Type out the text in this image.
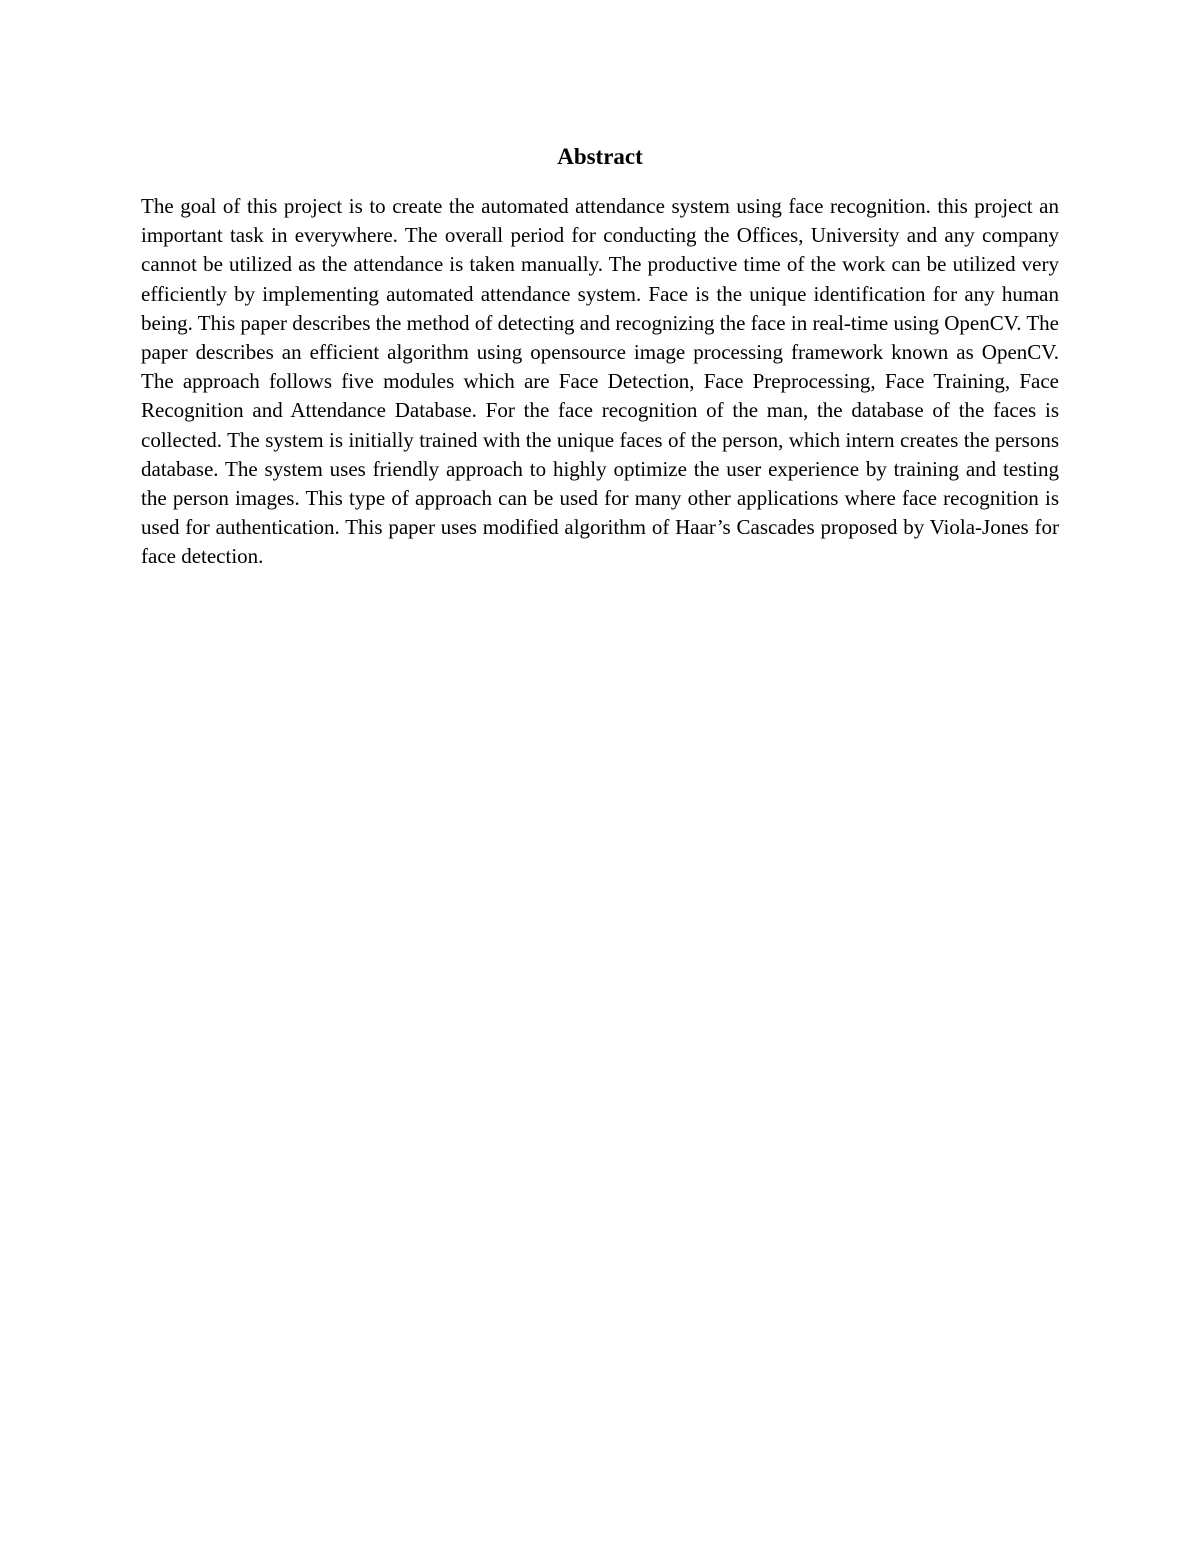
Abstract

The goal of this project is to create the automated attendance system using face recognition. this project an important task in everywhere. The overall period for conducting the Offices, University and any company cannot be utilized as the attendance is taken manually. The productive time of the work can be utilized very efficiently by implementing automated attendance system. Face is the unique identification for any human being. This paper describes the method of detecting and recognizing the face in real-time using OpenCV. The paper describes an efficient algorithm using opensource image processing framework known as OpenCV. The approach follows five modules which are Face Detection, Face Preprocessing, Face Training, Face Recognition and Attendance Database. For the face recognition of the man, the database of the faces is collected. The system is initially trained with the unique faces of the person, which intern creates the persons database. The system uses friendly approach to highly optimize the user experience by training and testing the person images. This type of approach can be used for many other applications where face recognition is used for authentication. This paper uses modified algorithm of Haar’s Cascades proposed by Viola-Jones for face detection.
